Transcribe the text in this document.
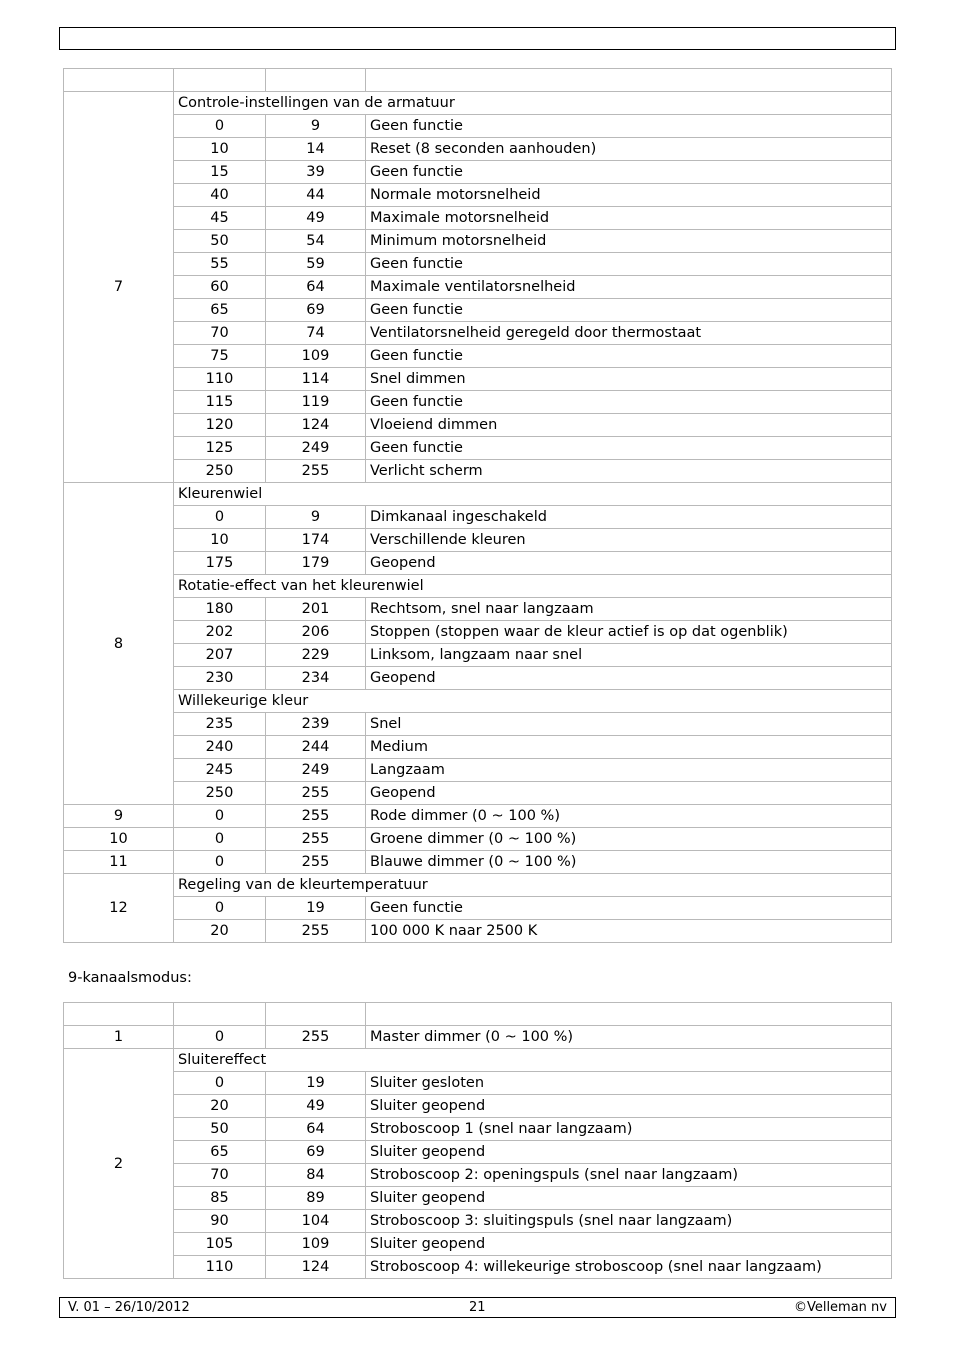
7	Controle-instellingen van de armatuur		
	0	9	Geen functie
	10	14	Reset (8 seconden aanhouden)
	15	39	Geen functie
	40	44	Normale motorsnelheid
	45	49	Maximale motorsnelheid
	50	54	Minimum motorsnelheid
	55	59	Geen functie
	60	64	Maximale ventilatorsnelheid
	65	69	Geen functie
	70	74	Ventilatorsnelheid geregeld door thermostaat
	75	109	Geen functie
	110	114	Snel dimmen
	115	119	Geen functie
	120	124	Vloeiend dimmen
	125	249	Geen functie
	250	255	Verlicht scherm
8	Kleurenwiel		
	0	9	Dimkanaal ingeschakeld
	10	174	Verschillende kleuren
	175	179	Geopend
	Rotatie-effect van het kleurenwiel		
	180	201	Rechtsom, snel naar langzaam
	202	206	Stoppen (stoppen waar de kleur actief is op dat ogenblik)
	207	229	Linksom, langzaam naar snel
	230	234	Geopend
	Willekeurige kleur		
	235	239	Snel
	240	244	Medium
	245	249	Langzaam
	250	255	Geopend
9	0	255	Rode dimmer (0 ~ 100 %)
10	0	255	Groene dimmer (0 ~ 100 %)
11	0	255	Blauwe dimmer (0 ~ 100 %)
12	Regeling van de kleurtemperatuur		
	0	19	Geen functie
	20	255	100 000 K naar 2500 K
9-kanaalsmodus:

1	0	255	Master dimmer (0 ~ 100 %)
2	Sluitereffect		
	0	19	Sluiter gesloten
	20	49	Sluiter geopend
	50	64	Stroboscoop 1 (snel naar langzaam)
	65	69	Sluiter geopend
	70	84	Stroboscoop 2: openingspuls (snel naar langzaam)
	85	89	Sluiter geopend
	90	104	Stroboscoop 3: sluitingspuls (snel naar langzaam)
	105	109	Sluiter geopend
	110	124	Stroboscoop 4: willekeurige stroboscoop (snel naar langzaam)
V. 01 – 26/10/2012	21	©Velleman nv
